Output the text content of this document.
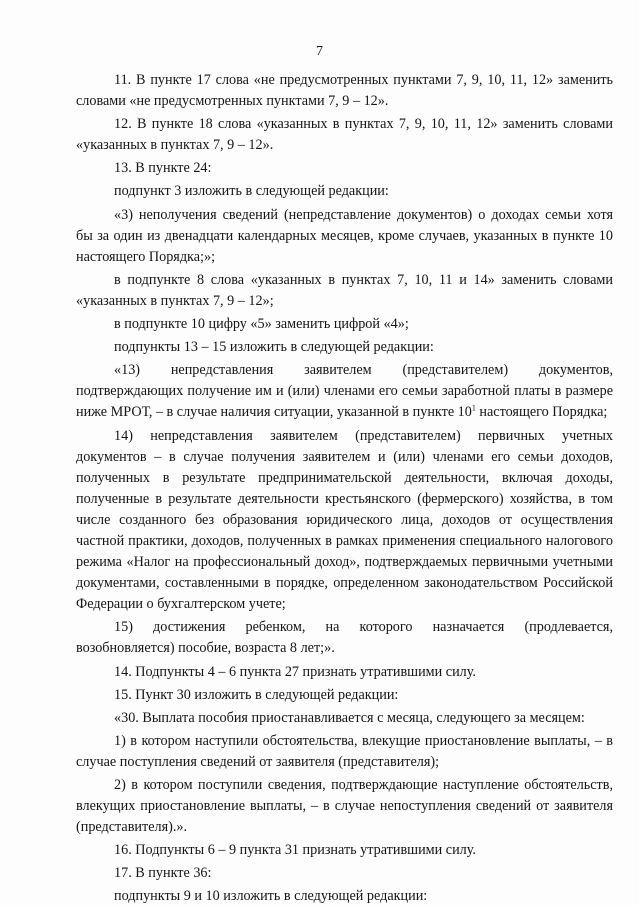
7

11. В пункте 17 слова «не предусмотренных пунктами 7, 9, 10, 11, 12» заменить словами «не предусмотренных пунктами 7, 9 – 12».

12. В пункте 18 слова «указанных в пунктах 7, 9, 10, 11, 12» заменить словами «указанных в пунктах 7, 9 – 12».

13. В пункте 24:

подпункт 3 изложить в следующей редакции:

«3) неполучения сведений (непредставление документов) о доходах семьи хотя бы за один из двенадцати календарных месяцев, кроме случаев, указанных в пункте 10 настоящего Порядка;»;

в подпункте 8 слова «указанных в пунктах 7, 10, 11 и 14» заменить словами «указанных в пунктах 7, 9 – 12»;

в подпункте 10 цифру «5» заменить цифрой «4»;

подпункты 13 – 15 изложить в следующей редакции:

«13) непредставления заявителем (представителем) документов, подтверждающих получение им и (или) членами его семьи заработной платы в размере ниже МРОТ, – в случае наличия ситуации, указанной в пункте $10^1$ настоящего Порядка;

14) непредставления заявителем (представителем) первичных учетных документов – в случае получения заявителем и (или) членами его семьи доходов, полученных в результате предпринимательской деятельности, включая доходы, полученные в результате деятельности крестьянского (фермерского) хозяйства, в том числе созданного без образования юридического лица, доходов от осуществления частной практики, доходов, полученных в рамках применения специального налогового режима «Налог на профессиональный доход», подтверждаемых первичными учетными документами, составленными в порядке, определенном законодательством Российской Федерации о бухгалтерском учете;

15) достижения ребенком, на которого назначается (продлевается, возобновляется) пособие, возраста 8 лет;».

14. Подпункты 4 – 6 пункта 27 признать утратившими силу.

15. Пункт 30 изложить в следующей редакции:

«30. Выплата пособия приостанавливается с месяца, следующего за месяцем:

1) в котором наступили обстоятельства, влекущие приостановление выплаты, – в случае поступления сведений от заявителя (представителя);

2) в котором поступили сведения, подтверждающие наступление обстоятельств, влекущих приостановление выплаты, – в случае непоступления сведений от заявителя (представителя).».

16. Подпункты 6 – 9 пункта 31 признать утратившими силу.

17. В пункте 36:

подпункты 9 и 10 изложить в следующей редакции:
